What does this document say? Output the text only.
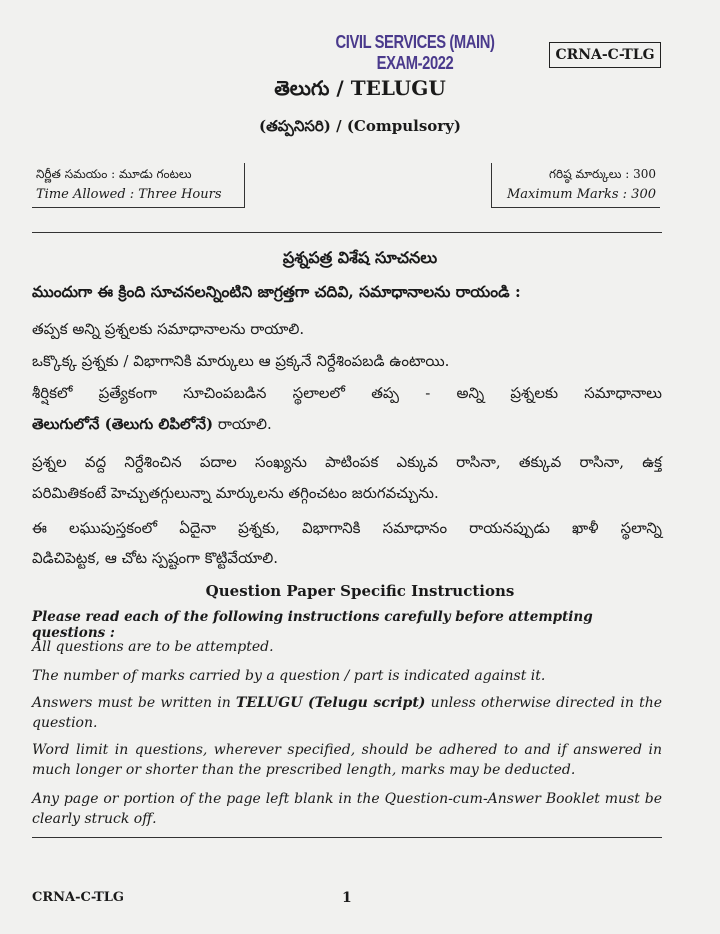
CIVIL SERVICES (MAIN) EXAM-2022	CRNA-C-TLG
తెలుగు / TELUGU
(తప్పనిసరి) / (Compulsory)
నిర్ణీత సమయం : మూడు గంటలు
Time Allowed : Three Hours
గరిష్ఠ మార్కులు : 300
Maximum Marks : 300
ప్రశ్నపత్ర విశేష సూచనలు
ముందుగా ఈ క్రింది సూచనలన్నింటిని జాగ్రత్తగా చదివి, సమాధానాలను రాయండి :
తప్పక అన్ని ప్రశ్నలకు సమాధానాలను రాయాలి.
ఒక్కొక్క ప్రశ్నకు / విభాగానికి మార్కులు ఆ ప్రక్కనే నిర్దేశింపబడి ఉంటాయి.
శీర్షికలో ప్రత్యేకంగా సూచింపబడిన స్థలాలలో తప్ప - అన్ని ప్రశ్నలకు సమాధానాలు
తెలుగులోనే (తెలుగు లిపిలోనే) రాయాలి.
ప్రశ్నల వద్ద నిర్దేశించిన పదాల సంఖ్యను పాటింపక ఎక్కువ రాసినా, తక్కువ రాసినా, ఉక్త
పరిమితికంటే హెచ్చుతగ్గులున్నా మార్కులను తగ్గించటం జరుగవచ్చును.
ఈ లఘుపుస్తకంలో ఏదైనా ప్రశ్నకు, విభాగానికి సమాధానం రాయనప్పుడు ఖాళీ స్థలాన్ని
విడిచిపెట్టక, ఆ చోట స్పష్టంగా కొట్టివేయాలి.
Question Paper Specific Instructions
Please read each of the following instructions carefully before attempting questions :
All questions are to be attempted.
The number of marks carried by a question / part is indicated against it.
Answers must be written in TELUGU (Telugu script) unless otherwise directed in the question.
Word limit in questions, wherever specified, should be adhered to and if answered in much longer or shorter than the prescribed length, marks may be deducted.
Any page or portion of the page left blank in the Question-cum-Answer Booklet must be clearly struck off.
CRNA-C-TLG	1
